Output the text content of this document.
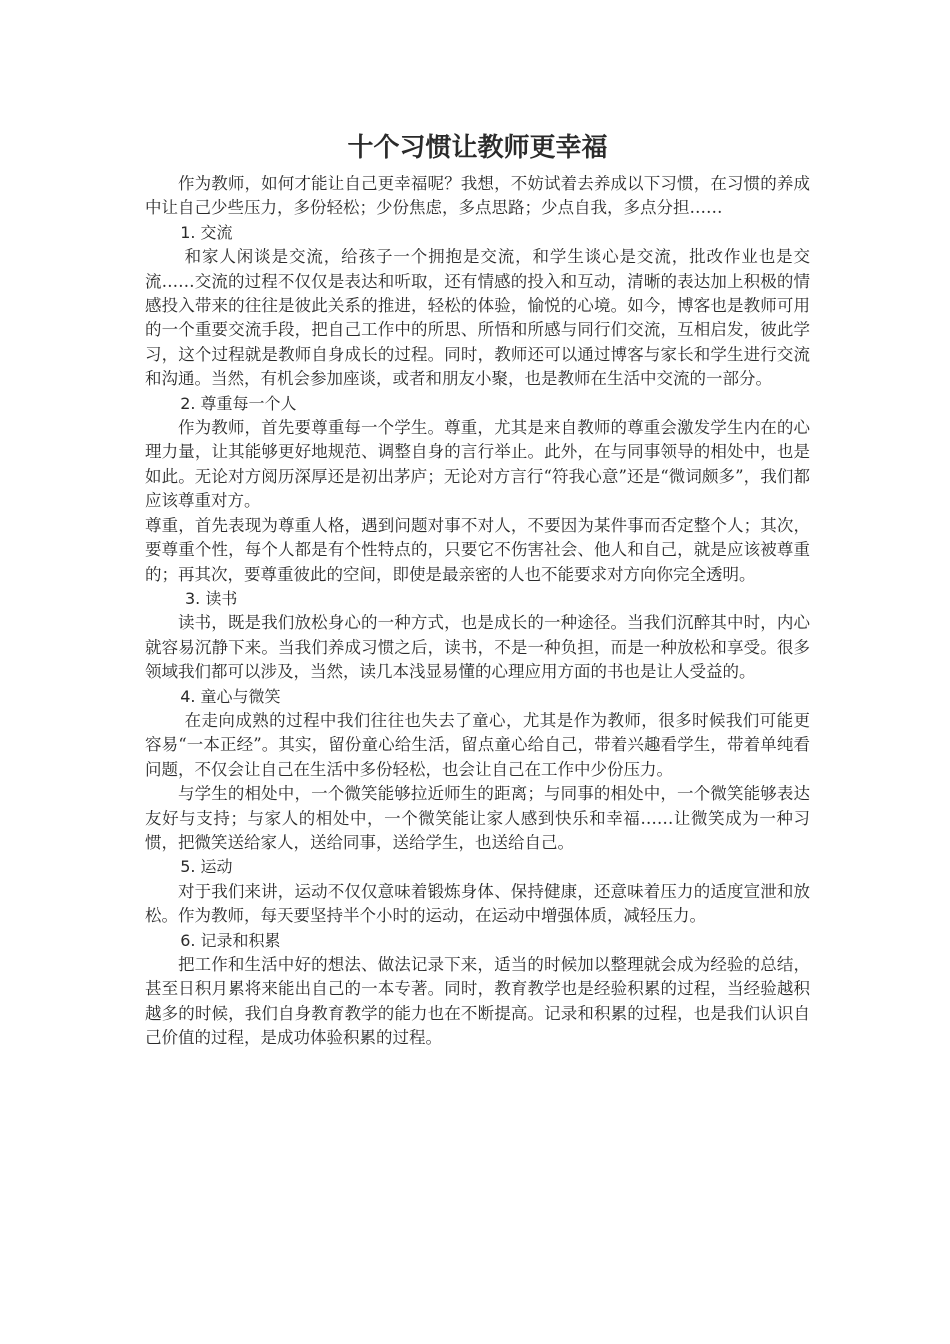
十个习惯让教师更幸福

作为教师，如何才能让自己更幸福呢？我想，不妨试着去养成以下习惯，在习惯的养成中让自己少些压力，多份轻松；少份焦虑，多点思路；少点自我，多点分担……

1. 交流

和家人闲谈是交流，给孩子一个拥抱是交流，和学生谈心是交流，批改作业也是交流……交流的过程不仅仅是表达和听取，还有情感的投入和互动，清晰的表达加上积极的情感投入带来的往往是彼此关系的推进，轻松的体验，愉悦的心境。如今，博客也是教师可用的一个重要交流手段，把自己工作中的所思、所悟和所感与同行们交流，互相启发，彼此学习，这个过程就是教师自身成长的过程。同时，教师还可以通过博客与家长和学生进行交流和沟通。当然，有机会参加座谈，或者和朋友小聚，也是教师在生活中交流的一部分。

2. 尊重每一个人

作为教师，首先要尊重每一个学生。尊重，尤其是来自教师的尊重会激发学生内在的心理力量，让其能够更好地规范、调整自身的言行举止。此外，在与同事领导的相处中，也是如此。无论对方阅历深厚还是初出茅庐；无论对方言行“符我心意”还是“微词颇多”，我们都应该尊重对方。

尊重，首先表现为尊重人格，遇到问题对事不对人，不要因为某件事而否定整个人；其次，要尊重个性，每个人都是有个性特点的，只要它不伤害社会、他人和自己，就是应该被尊重的；再其次，要尊重彼此的空间，即使是最亲密的人也不能要求对方向你完全透明。

3. 读书

读书，既是我们放松身心的一种方式，也是成长的一种途径。当我们沉醉其中时，内心就容易沉静下来。当我们养成习惯之后，读书，不是一种负担，而是一种放松和享受。很多领域我们都可以涉及，当然，读几本浅显易懂的心理应用方面的书也是让人受益的。

4. 童心与微笑

在走向成熟的过程中我们往往也失去了童心，尤其是作为教师，很多时候我们可能更容易“一本正经”。其实，留份童心给生活，留点童心给自己，带着兴趣看学生，带着单纯看问题，不仅会让自己在生活中多份轻松，也会让自己在工作中少份压力。

与学生的相处中，一个微笑能够拉近师生的距离；与同事的相处中，一个微笑能够表达友好与支持；与家人的相处中，一个微笑能让家人感到快乐和幸福……让微笑成为一种习惯，把微笑送给家人，送给同事，送给学生，也送给自己。

5. 运动

对于我们来讲，运动不仅仅意味着锻炼身体、保持健康，还意味着压力的适度宣泄和放松。作为教师，每天要坚持半个小时的运动，在运动中增强体质，减轻压力。

6. 记录和积累

把工作和生活中好的想法、做法记录下来，适当的时候加以整理就会成为经验的总结，甚至日积月累将来能出自己的一本专著。同时，教育教学也是经验积累的过程，当经验越积越多的时候，我们自身教育教学的能力也在不断提高。记录和积累的过程，也是我们认识自己价值的过程，是成功体验积累的过程。
